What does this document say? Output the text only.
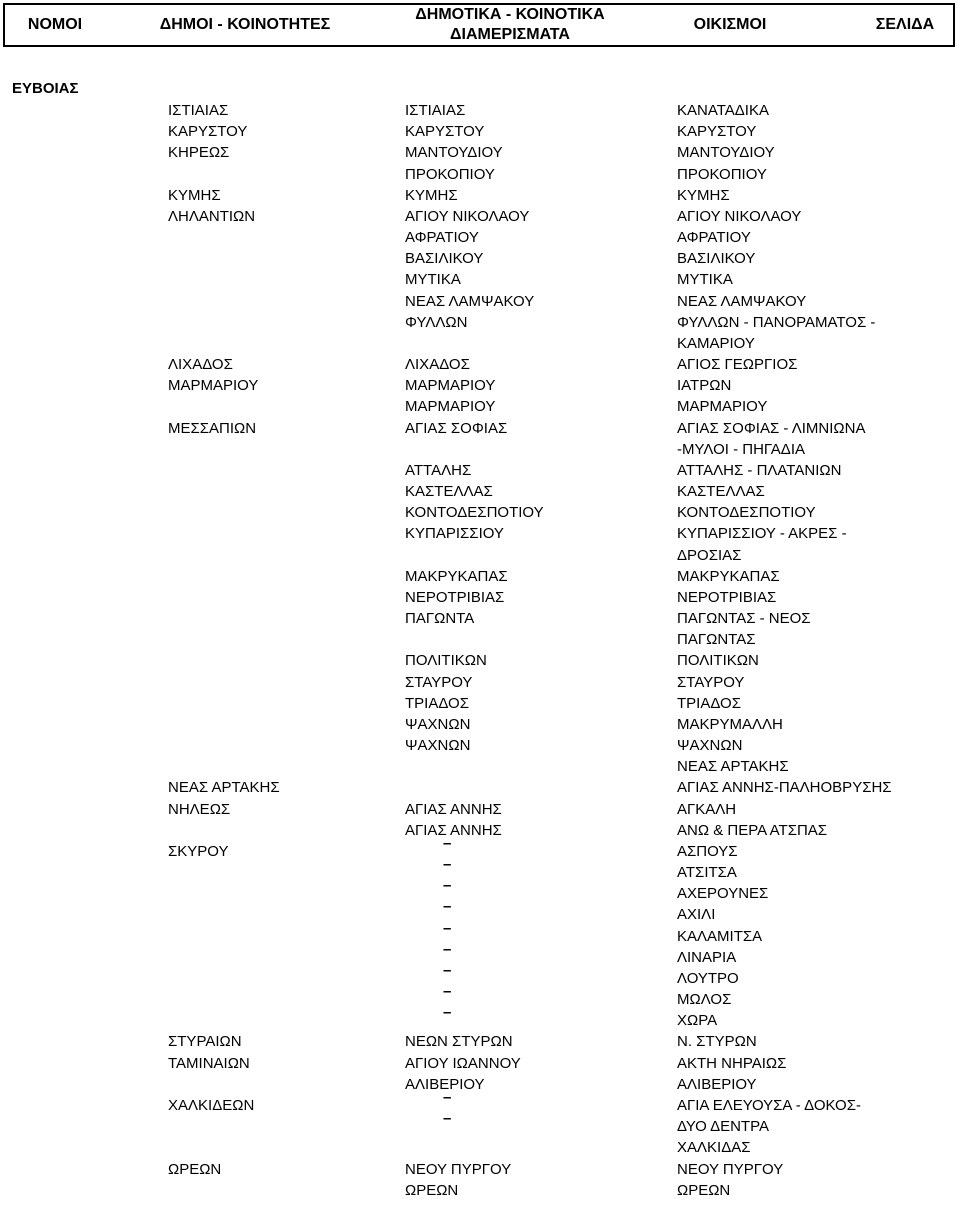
ΝΟΜΟΙ	ΔΗΜΟΙ - ΚΟΙΝΟΤΗΤΕΣ
ΔΗΜΟΤΙΚΑ - ΚΟΙΝΟΤΙΚΑ
ΔΙΑΜΕΡΙΣΜΑΤΑ
ΟΙΚΙΣΜΟΙ	ΣΕΛΙΔΑ
ΕΥΒΟΙΑΣ
ΙΣΤΙΑΙΑΣ
ΚΑΡΥΣΤΟΥ
ΚΗΡΕΩΣ
ΚΥΜΗΣ
ΛΗΛΑΝΤΙΩΝ
ΛΙΧΑΔΟΣ
ΜΑΡΜΑΡΙΟΥ
ΜΕΣΣΑΠΙΩΝ
ΝΕΑΣ ΑΡΤΑΚΗΣ
ΝΗΛΕΩΣ
ΣΚΥΡΟΥ
ΣΤΥΡΑΙΩΝ
ΤΑΜΙΝΑΙΩΝ
ΧΑΛΚΙΔΕΩΝ
ΩΡΕΩΝ
ΙΣΤΙΑΙΑΣ
ΚΑΡΥΣΤΟΥ
ΜΑΝΤΟΥΔΙΟΥ
ΠΡΟΚΟΠΙΟΥ
ΚΥΜΗΣ
ΑΓΙΟΥ ΝΙΚΟΛΑΟΥ
ΑΦΡΑΤΙΟΥ
ΒΑΣΙΛΙΚΟΥ
ΜΥΤΙΚΑ
ΝΕΑΣ ΛΑΜΨΑΚΟΥ
ΦΥΛΛΩΝ
ΛΙΧΑΔΟΣ
ΜΑΡΜΑΡΙΟΥ
ΜΑΡΜΑΡΙΟΥ
ΑΓΙΑΣ ΣΟΦΙΑΣ
ΑΤΤΑΛΗΣ
ΚΑΣΤΕΛΛΑΣ
ΚΟΝΤΟΔΕΣΠΟΤΙΟΥ
ΚΥΠΑΡΙΣΣΙΟΥ
ΜΑΚΡΥΚΑΠΑΣ
ΝΕΡΟΤΡΙΒΙΑΣ
ΠΑΓΩΝΤΑ
ΠΟΛΙΤΙΚΩΝ
ΣΤΑΥΡΟΥ
ΤΡΙΑΔΟΣ
ΨΑΧΝΩΝ
ΨΑΧΝΩΝ
ΑΓΙΑΣ ΑΝΝΗΣ
ΑΓΙΑΣ ΑΝΝΗΣ
ΝΕΩΝ ΣΤΥΡΩΝ
ΑΓΙΟΥ ΙΩΑΝΝΟΥ
ΑΛΙΒΕΡΙΟΥ
ΝΕΟΥ ΠΥΡΓΟΥ
ΩΡΕΩΝ
–
–
–
–
–
–
–
–
–
–
–
ΚΑΝΑΤΑΔΙΚΑ
ΚΑΡΥΣΤΟΥ
ΜΑΝΤΟΥΔΙΟΥ
ΠΡΟΚΟΠΙΟΥ
ΚΥΜΗΣ
ΑΓΙΟΥ ΝΙΚΟΛΑΟΥ
ΑΦΡΑΤΙΟΥ
ΒΑΣΙΛΙΚΟΥ
ΜΥΤΙΚΑ
ΝΕΑΣ ΛΑΜΨΑΚΟΥ
ΦΥΛΛΩΝ - ΠΑΝΟΡΑΜΑΤΟΣ -
ΚΑΜΑΡΙΟΥ
ΑΓΙΟΣ ΓΕΩΡΓΙΟΣ
ΙΑΤΡΩΝ
ΜΑΡΜΑΡΙΟΥ
ΑΓΙΑΣ ΣΟΦΙΑΣ - ΛΙΜΝΙΩΝΑ
-ΜΥΛΟΙ - ΠΗΓΑΔΙΑ
ΑΤΤΑΛΗΣ - ΠΛΑΤΑΝΙΩΝ
ΚΑΣΤΕΛΛΑΣ
ΚΟΝΤΟΔΕΣΠΟΤΙΟΥ
ΚΥΠΑΡΙΣΣΙΟΥ - ΑΚΡΕΣ -
ΔΡΟΣΙΑΣ
ΜΑΚΡΥΚΑΠΑΣ
ΝΕΡΟΤΡΙΒΙΑΣ
ΠΑΓΩΝΤΑΣ - ΝΕΟΣ
ΠΑΓΩΝΤΑΣ
ΠΟΛΙΤΙΚΩΝ
ΣΤΑΥΡΟΥ
ΤΡΙΑΔΟΣ
ΜΑΚΡΥΜΑΛΛΗ
ΨΑΧΝΩΝ
ΝΕΑΣ ΑΡΤΑΚΗΣ
ΑΓΙΑΣ ΑΝΝΗΣ-ΠΑΛΗΟΒΡΥΣΗΣ
ΑΓΚΑΛΗ
ΑΝΩ & ΠΕΡΑ ΑΤΣΠΑΣ
ΑΣΠΟΥΣ
ΑΤΣΙΤΣΑ
ΑΧΕΡΟΥΝΕΣ
ΑΧΙΛΙ
ΚΑΛΑΜΙΤΣΑ
ΛΙΝΑΡΙΑ
ΛΟΥΤΡΟ
ΜΩΛΟΣ
ΧΩΡΑ
Ν. ΣΤΥΡΩΝ
ΑΚΤΗ ΝΗΡΑΙΩΣ
ΑΛΙΒΕΡΙΟΥ
ΑΓΙΑ ΕΛΕΥΟΥΣΑ - ΔΟΚΟΣ-
ΔΥΟ ΔΕΝΤΡΑ
ΧΑΛΚΙΔΑΣ
ΝΕΟΥ ΠΥΡΓΟΥ
ΩΡΕΩΝ
